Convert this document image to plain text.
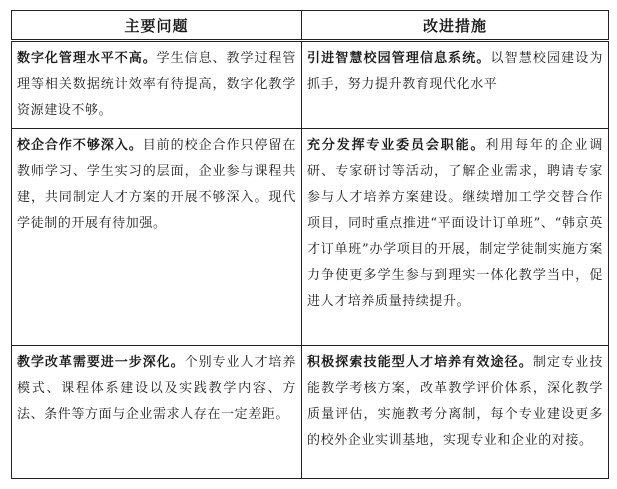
主要问题	改进措施
数字化管理水平不高。学生信息、教学过程管理等相关数据统计效率有待提高，数字化教学资源建设不够。	引进智慧校园管理信息系统。以智慧校园建设为抓手，努力提升教育现代化水平
校企合作不够深入。目前的校企合作只停留在教师学习、学生实习的层面，企业参与课程共建，共同制定人才方案的开展不够深入。现代学徒制的开展有待加强。	充分发挥专业委员会职能。利用每年的企业调研、专家研讨等活动，了解企业需求，聘请专家参与人才培养方案建设。继续增加工学交替合作项目，同时重点推进“平面设计订单班”、“韩京英才订单班”办学项目的开展，制定学徒制实施方案力争使更多学生参与到理实一体化教学当中，促进人才培养质量持续提升。
教学改革需要进一步深化。个别专业人才培养模式、课程体系建设以及实践教学内容、方法、条件等方面与企业需求人存在一定差距。	积极探索技能型人才培养有效途径。制定专业技能教学考核方案，改革教学评价体系，深化教学质量评估，实施教考分离制，每个专业建设更多的校外企业实训基地，实现专业和企业的对接。
